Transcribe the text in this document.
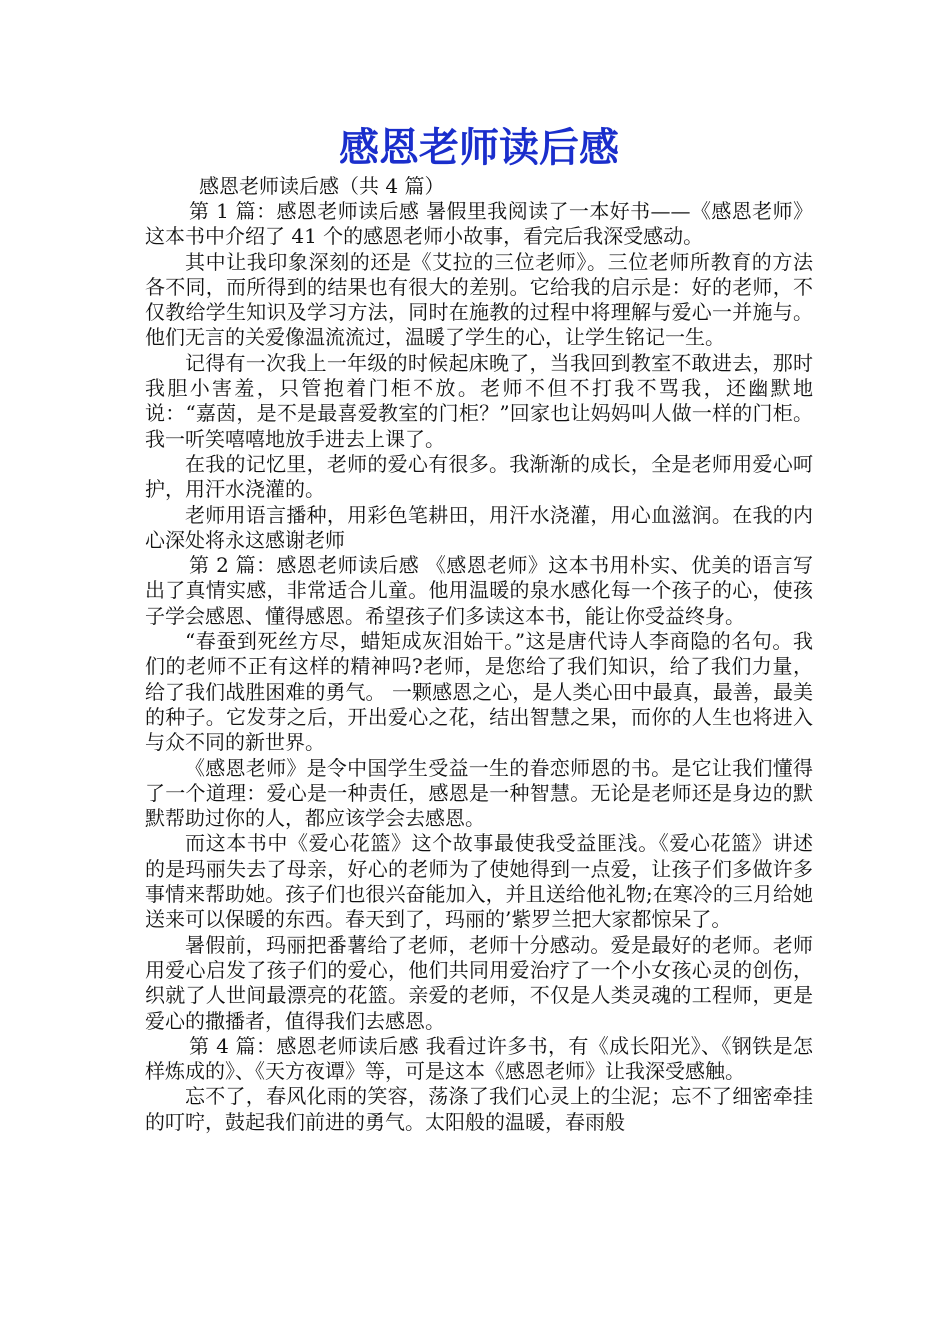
感恩老师读后感

感恩老师读后感（共 4 篇）

第 1 篇：感恩老师读后感 暑假里我阅读了一本好书——《感恩老师》这本书中介绍了 41 个的感恩老师小故事，看完后我深受感动。

其中让我印象深刻的还是《艾拉的三位老师》。三位老师所教育的方法各不同，而所得到的结果也有很大的差别。它给我的启示是：好的老师，不仅教给学生知识及学习方法，同时在施教的过程中将理解与爱心一并施与。他们无言的关爱像温流流过，温暖了学生的心，让学生铭记一生。

记得有一次我上一年级的时候起床晚了，当我回到教室不敢进去，那时我胆小害羞，只管抱着门柜不放。老师不但不打我不骂我，还幽默地说：“嘉茵，是不是最喜爱教室的门柜？”回家也让妈妈叫人做一样的门柜。我一听笑嘻嘻地放手进去上课了。

在我的记忆里，老师的爱心有很多。我渐渐的成长，全是老师用爱心呵护，用汗水浇灌的。

老师用语言播种，用彩色笔耕田，用汗水浇灌，用心血滋润。在我的内心深处将永这感谢老师

第 2 篇：感恩老师读后感 《感恩老师》这本书用朴实、优美的语言写出了真情实感，非常适合儿童。他用温暖的泉水感化每一个孩子的心，使孩子学会感恩、懂得感恩。希望孩子们多读这本书，能让你受益终身。

“春蚕到死丝方尽，蜡矩成灰泪始干。”这是唐代诗人李商隐的名句。我们的老师不正有这样的精神吗?老师，是您给了我们知识，给了我们力量，给了我们战胜困难的勇气。 一颗感恩之心，是人类心田中最真，最善，最美的种子。它发芽之后，开出爱心之花，结出智慧之果，而你的人生也将进入与众不同的新世界。

《感恩老师》是令中国学生受益一生的眷恋师恩的书。是它让我们懂得了一个道理：爱心是一种责任，感恩是一种智慧。无论是老师还是身边的默默帮助过你的人，都应该学会去感恩。

而这本书中《爱心花篮》这个故事最使我受益匪浅。《爱心花篮》讲述的是玛丽失去了母亲，好心的老师为了使她得到一点爱，让孩子们多做许多事情来帮助她。孩子们也很兴奋能加入，并且送给他礼物;在寒冷的三月给她送来可以保暖的东西。春天到了，玛丽的’紫罗兰把大家都惊呆了。

暑假前，玛丽把番薯给了老师，老师十分感动。爱是最好的老师。老师用爱心启发了孩子们的爱心，他们共同用爱治疗了一个小女孩心灵的创伤，织就了人世间最漂亮的花篮。亲爱的老师，不仅是人类灵魂的工程师，更是爱心的撒播者，值得我们去感恩。

第 4 篇：感恩老师读后感 我看过许多书，有《成长阳光》、《钢铁是怎样炼成的》、《天方夜谭》等，可是这本《感恩老师》让我深受感触。

忘不了，春风化雨的笑容，荡涤了我们心灵上的尘泥；忘不了细密牵挂的叮咛，鼓起我们前进的勇气。太阳般的温暖，春雨般
